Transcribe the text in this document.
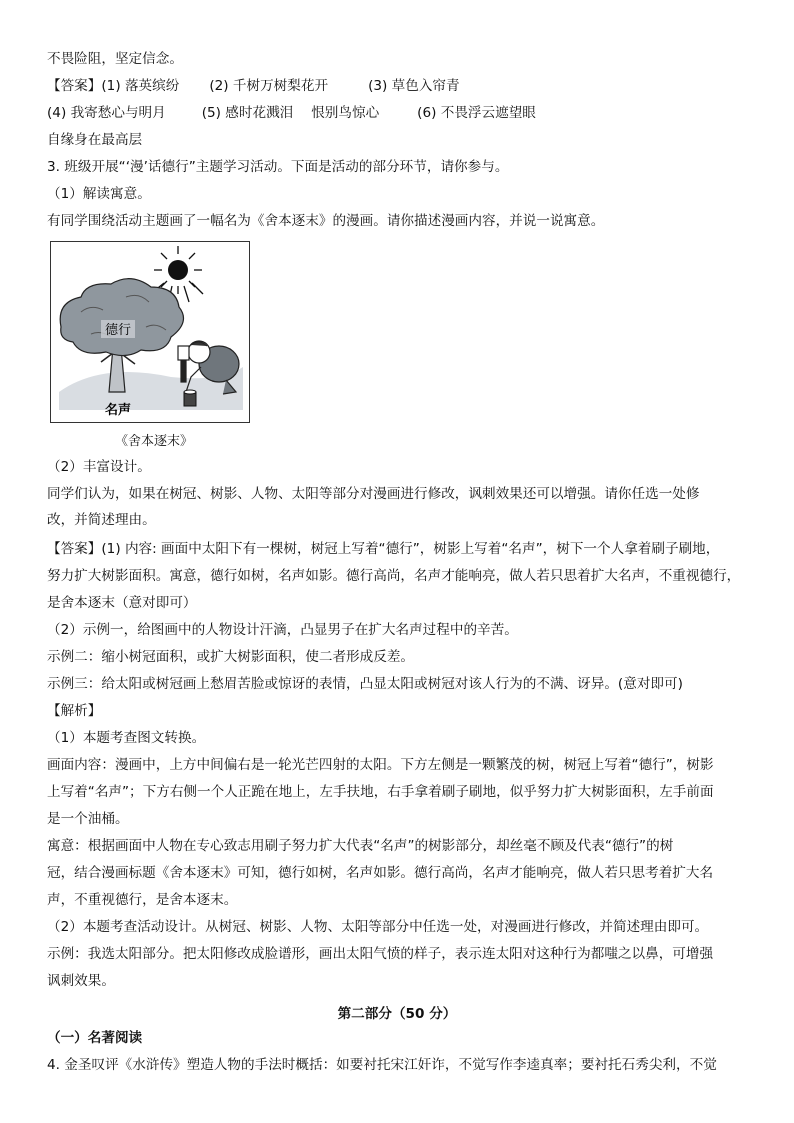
不畏险阻，坚定信念。
【答案】(1) 落英缤纷 (2) 千树万树梨花开	(3) 草色入帘青
(4) 我寄愁心与明月	(5) 感时花溅泪　 恨别鸟惊心	(6) 不畏浮云遮望眼
自缘身在最高层
3. 班级开展“‘漫’话德行”主题学习活动。下面是活动的部分环节，请你参与。
（1）解读寓意。
有同学围绕活动主题画了一幅名为《舍本逐末》的漫画。请你描述漫画内容，并说一说寓意。
德行
名声
《舍本逐末》
（2）丰富设计。
同学们认为，如果在树冠、树影、人物、太阳等部分对漫画进行修改，讽刺效果还可以增强。请你任选一处修
改，并简述理由。
【答案】(1) 内容: 画面中太阳下有一棵树，树冠上写着“德行”，树影上写着“名声”，树下一个人拿着刷子刷地，
努力扩大树影面积。寓意，德行如树，名声如影。德行高尚，名声才能响亮，做人若只思着扩大名声，不重视德行，
是舍本逐末（意对即可）
（2）示例一，给图画中的人物设计汗滴，凸显男子在扩大名声过程中的辛苦。
示例二：缩小树冠面积，或扩大树影面积，使二者形成反差。
示例三：给太阳或树冠画上愁眉苦脸或惊讶的表情，凸显太阳或树冠对该人行为的不满、讶异。(意对即可)
【解析】
（1）本题考查图文转换。
画面内容：漫画中，上方中间偏右是一轮光芒四射的太阳。下方左侧是一颗繁茂的树，树冠上写着“德行”，树影
上写着“名声”；下方右侧一个人正跪在地上，左手扶地，右手拿着刷子刷地，似乎努力扩大树影面积，左手前面
是一个油桶。
寓意：根据画面中人物在专心致志用刷子努力扩大代表“名声”的树影部分，却丝毫不顾及代表“德行”的树
冠，结合漫画标题《舍本逐末》可知，德行如树，名声如影。德行高尚，名声才能响亮，做人若只思考着扩大名
声，不重视德行，是舍本逐末。
（2）本题考查活动设计。从树冠、树影、人物、太阳等部分中任选一处，对漫画进行修改，并简述理由即可。
示例：我选太阳部分。把太阳修改成脸谱形，画出太阳气愤的样子，表示连太阳对这种行为都嗤之以鼻，可增强
讽刺效果。
第二部分（50 分）
（一）名著阅读
4. 金圣叹评《水浒传》塑造人物的手法时概括：如要衬托宋江奸诈，不觉写作李逵真率；要衬托石秀尖利，不觉
